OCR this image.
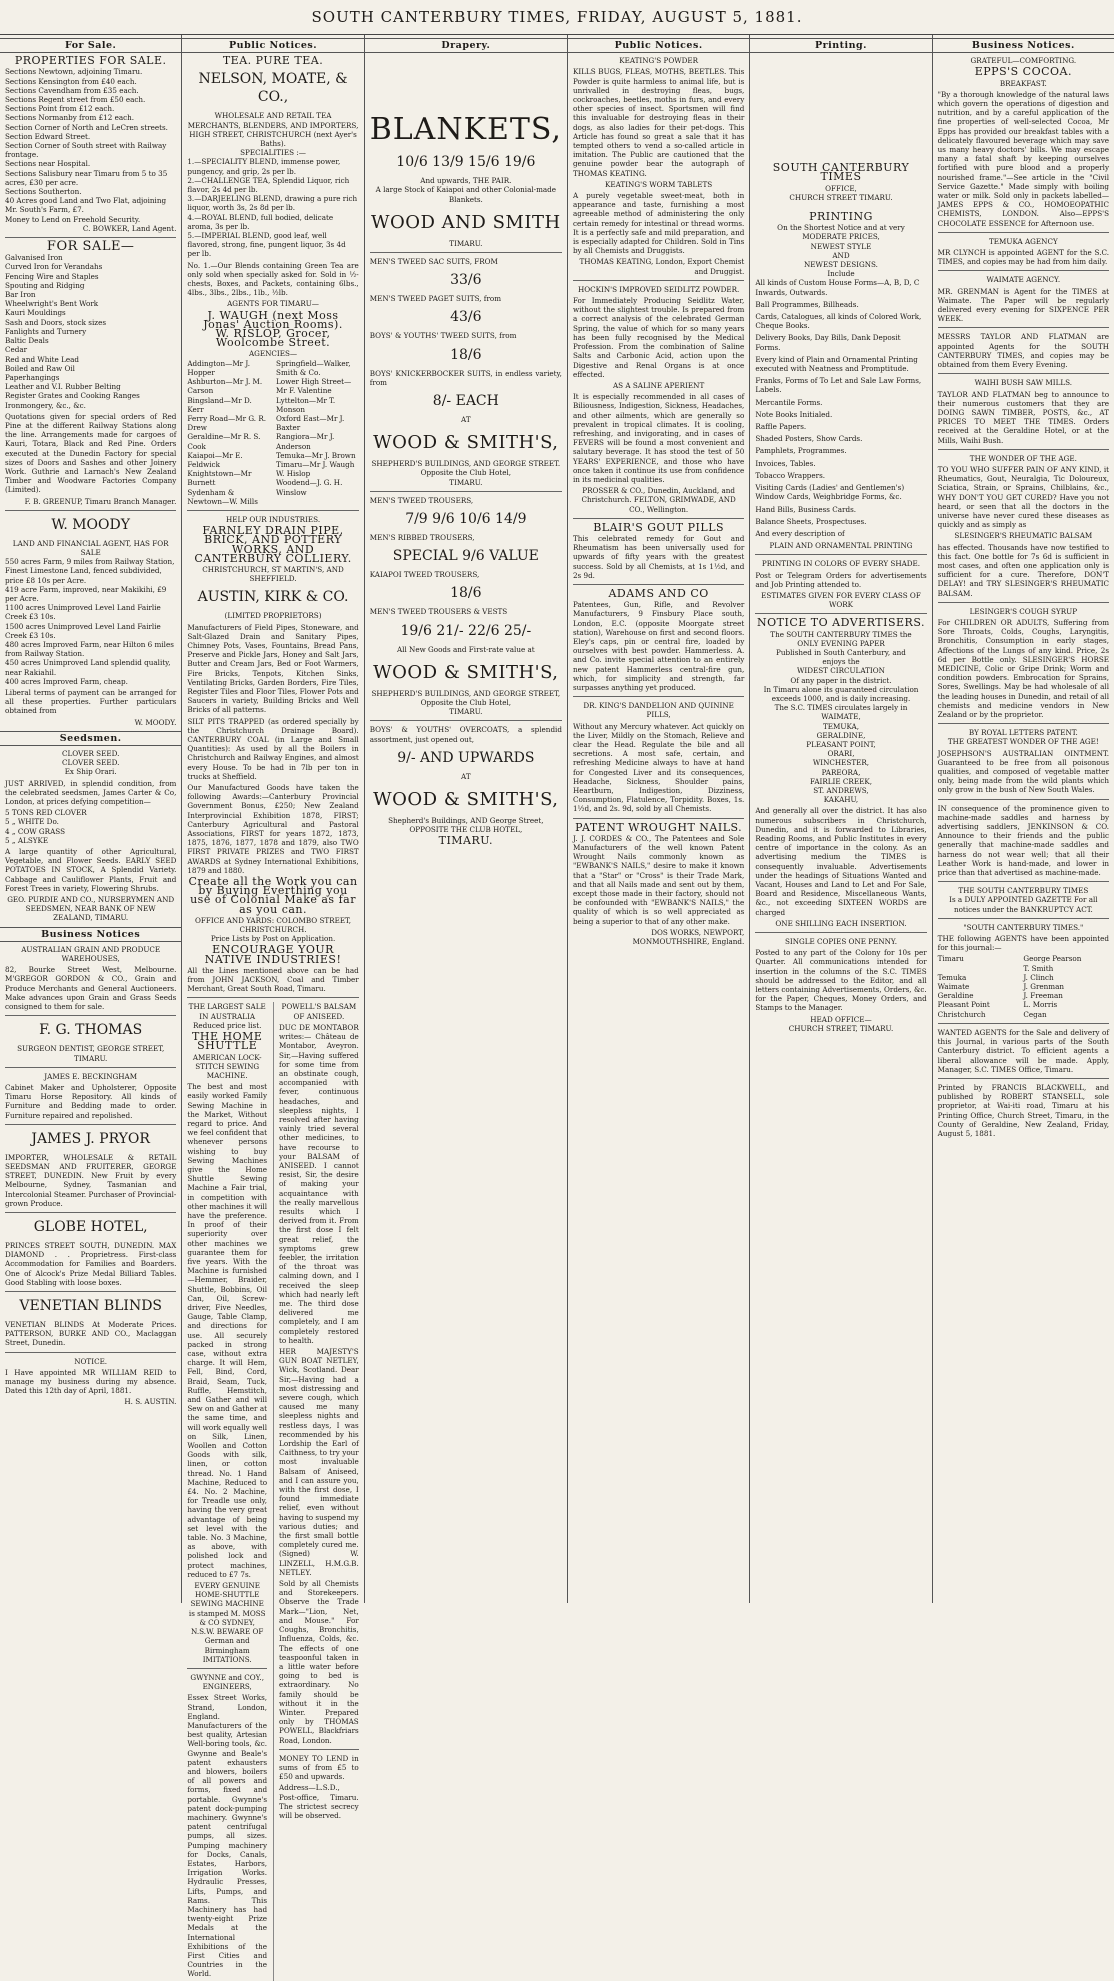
SOUTH CANTERBURY TIMES, FRIDAY, AUGUST 5, 1881.
For Sale.
PROPERTIES FOR SALE.
Sections Newtown, adjoining Timaru.
Sections Kensington from £40 each.
Sections Cavendham from £35 each.
Sections Regent street from £50 each.
Sections Point from £12 each.
Sections Normanby from £12 each.
Section Corner of North and LeCren streets.
Section Edward Street.
Section Corner of South street with Railway frontage.
Sections near Hospital.
Sections Salisbury near Timaru from 5 to 35 acres, £30 per acre.
Sections Southerton.
40 Acres good Land and Two Flat, adjoining Mr. South's Farm, £7.
Money to Lend on Freehold Security.
C. BOWKER, Land Agent.
FOR SALE—
Galvanised Iron
Curved Iron for Verandahs
Fencing Wire and Staples
Spouting and Ridging
Bar Iron
Wheelwright's Bent Work
Kauri Mouldings
Sash and Doors, stock sizes
Fanlights and Turnery
Baltic Deals
Cedar
Red and White Lead
Boiled and Raw Oil
Paperhangings
Leather and V.I. Rubber Belting
Register Grates and Cooking Ranges
Ironmongery, &c., &c.
Quotations given for special orders of Red Pine at the different Railway Stations along the line. Arrangements made for cargoes of Kauri, Totara, Black and Red Pine. Orders executed at the Dunedin Factory for special sizes of Doors and Sashes and other Joinery Work. Guthrie and Larnach's New Zealand Timber and Woodware Factories Company (Limited).
F. B. GREENUP, Timaru Branch Manager.
W. MOODY
LAND AND FINANCIAL AGENT, HAS FOR SALE
550 acres Farm, 9 miles from Railway Station, Finest Limestone Land, fenced subdivided, price £8 10s per Acre.
419 acre Farm, improved, near Makikihi, £9 per Acre.
1100 acres Unimproved Level Land Fairlie Creek £3 10s.
1500 acres Unimproved Level Land Fairlie Creek £3 10s.
480 acres Improved Farm, near Hilton 6 miles from Railway Station.
450 acres Unimproved Land splendid quality, near Rakiahil.
400 acres Improved Farm, cheap.
Liberal terms of payment can be arranged for all these properties. Further particulars obtained from
W. MOODY.
Seedsmen.
CLOVER SEED.
CLOVER SEED.
Ex Ship Orari.
JUST ARRIVED, in splendid condition, from the celebrated seedsmen, James Carter & Co, London, at prices defying competition—
5 TONS RED CLOVER
5 „ WHITE Do.
4 „ COW GRASS
5 „ ALSYKE
A large quantity of other Agricultural, Vegetable, and Flower Seeds. EARLY SEED POTATOES IN STOCK, A Splendid Variety. Cabbage and Cauliflower Plants, Fruit and Forest Trees in variety, Flowering Shrubs.
GEO. PURDIE AND CO., NURSERYMEN AND SEEDSMEN, NEAR BANK OF NEW ZEALAND, TIMARU.
Business Notices
AUSTRALIAN GRAIN AND PRODUCE WAREHOUSES,
82, Bourke Street West, Melbourne. M'GREGOR GORDON & CO., Grain and Produce Merchants and General Auctioneers. Make advances upon Grain and Grass Seeds consigned to them for sale.
F. G. THOMAS
SURGEON DENTIST, GEORGE STREET, TIMARU.
JAMES E. BECKINGHAM
Cabinet Maker and Upholsterer, Opposite Timaru Horse Repository. All kinds of Furniture and Bedding made to order. Furniture repaired and repolished.
JAMES J. PRYOR
IMPORTER, WHOLESALE & RETAIL SEEDSMAN AND FRUITERER, GEORGE STREET, DUNEDIN. New Fruit by every Melbourne, Sydney, Tasmanian and Intercolonial Steamer. Purchaser of Provincial-grown Produce.
GLOBE HOTEL,
PRINCES STREET SOUTH, DUNEDIN. MAX DIAMOND . . Proprietress. First-class Accommodation for Families and Boarders. One of Alcock's Prize Medal Billiard Tables. Good Stabling with loose boxes.
VENETIAN BLINDS
VENETIAN BLINDS At Moderate Prices. PATTERSON, BURKE AND CO., Maclaggan Street, Dunedin.
NOTICE.
I Have appointed MR WILLIAM REID to manage my business during my absence. Dated this 12th day of April, 1881.
H. S. AUSTIN.
Public Notices.
TEA. PURE TEA.
NELSON, MOATE, & CO.,
WHOLESALE AND RETAIL TEA MERCHANTS, BLENDERS, AND IMPORTERS, HIGH STREET, CHRISTCHURCH (next Ayer's Baths).
SPECIALITIES :—
1.—SPECIALITY BLEND, immense power, pungency, and grip, 2s per lb.
2.—CHALLENGE TEA, Splendid Liquor, rich flavor, 2s 4d per lb.
3.—DARJEELING BLEND, drawing a pure rich liquor, worth 3s, 2s 8d per lb.
4.—ROYAL BLEND, full bodied, delicate aroma, 3s per lb.
5.—IMPERIAL BLEND, good leaf, well flavored, strong, fine, pungent liquor, 3s 4d per lb.
No. 1.—Our Blends containing Green Tea are only sold when specially asked for. Sold in ½-chests, Boxes, and Packets, containing 6lbs., 4lbs., 3lbs., 2lbs., 1lb., ½lb.
AGENTS FOR TIMARU—
J. WAUGH (next Moss Jonas' Auction Rooms).
W. RISLOP, Grocer, Woolcombe Street.
AGENCIES—
Addington—Mr J. Hopper
Ashburton—Mr J. M. Carson
Bingsland—Mr D. Kerr
Ferry Road—Mr G. R. Drew
Geraldine—Mr R. S. Cook
Kaiapoi—Mr E. Feldwick
Knightstown—Mr Burnett
Sydenham & Newtown—W. Mills
Springfield—Walker, Smith & Co.
Lower High Street—Mr F. Valentine
Lyttelton—Mr T. Monson
Oxford East—Mr J. Baxter
Rangiora—Mr J. Anderson
Temuka—Mr J. Brown
Timaru—Mr J. Waugh
W. Hislop
Woodend—J. G. H. Winslow
HELP OUR INDUSTRIES.
FARNLEY DRAIN PIPE, BRICK, AND POTTERY WORKS, AND CANTERBURY COLLIERY.
CHRISTCHURCH, ST MARTIN'S, AND SHEFFIELD.
AUSTIN, KIRK & CO.
(LIMITED PROPRIETORS)
Manufacturers of Field Pipes, Stoneware, and Salt-Glazed Drain and Sanitary Pipes, Chimney Pots, Vases, Fountains, Bread Pans, Preserve and Pickle Jars, Honey and Salt Jars, Butter and Cream Jars, Bed or Foot Warmers, Fire Bricks, Tenpots, Kitchen Sinks, Ventilating Bricks, Garden Borders, Fire Tiles, Register Tiles and Floor Tiles, Flower Pots and Saucers in variety, Building Bricks and Well Bricks of all patterns.
SILT PITS TRAPPED (as ordered specially by the Christchurch Drainage Board). CANTERBURY COAL (in Large and Small Quantities): As used by all the Boilers in Christchurch and Railway Engines, and almost every House. To be had in 7lb per ton in trucks at Sheffield.
Our Manufactured Goods have taken the following Awards:—Canterbury Provincial Government Bonus, £250; New Zealand Interprovincial Exhibition 1878, FIRST; Canterbury Agricultural and Pastoral Associations, FIRST for years 1872, 1873, 1875, 1876, 1877, 1878 and 1879, also TWO FIRST PRIVATE PRIZES and TWO FIRST AWARDS at Sydney International Exhibitions, 1879 and 1880.
Create all the Work you can by Buying Everthing you use of Colonial Make as far as you can.
OFFICE AND YARDS: COLOMBO STREET, CHRISTCHURCH.
Price Lists by Post on Application.
ENCOURAGE YOUR NATIVE INDUSTRIES!
All the Lines mentioned above can be had from JOHN JACKSON, Coal and Timber Merchant, Great South Road, Timaru.
THE LARGEST SALE IN AUSTRALIA
Reduced price list.
THE HOME SHUTTLE
AMERICAN LOCK-STITCH SEWING MACHINE.
The best and most easily worked Family Sewing Machine in the Market, Without regard to price. And we feel confident that whenever persons wishing to buy Sewing Machines give the Home Shuttle Sewing Machine a Fair trial, in competition with other machines it will have the preference. In proof of their superiority over other machines we guarantee them for five years. With the Machine is furnished—Hemmer, Braider, Shuttle, Bobbins, Oil Can, Oil, Screw-driver, Five Needles, Gauge, Table Clamp, and directions for use. All securely packed in strong case, without extra charge. It will Hem, Fell, Bind, Cord, Braid, Seam, Tuck, Ruffle, Hemstitch, and Gather and will Sew on and Gather at the same time, and will work equally well on Silk, Linen, Woollen and Cotton Goods with silk, linen, or cotton thread. No. 1 Hand Machine, Reduced to £4. No. 2 Machine, for Treadle use only, having the very great advantage of being set level with the table. No. 3 Machine, as above, with polished lock and protect machines, reduced to £7 7s.
EVERY GENUINE HOME-SHUTTLE SEWING MACHINE is stamped M. MOSS & CO SYDNEY, N.S.W. BEWARE OF German and Birmingham IMITATIONS.
GWYNNE and COY., ENGINEERS,
Essex Street Works, Strand, London, England. Manufacturers of the best quality, Artesian Well-boring tools, &c. Gwynne and Beale's patent exhausters and blowers, boilers of all powers and forms, fixed and portable. Gwynne's patent dock-pumping machinery. Gwynne's patent centrifugal pumps, all sizes. Pumping machinery for Docks, Canals, Estates, Harbors, Irrigation Works. Hydraulic Presses, Lifts, Pumps, and Rams. This Machinery has had twenty-eight Prize Medals at the International Exhibitions of the First Cities and Countries in the World.
POWELL'S BALSAM OF ANISEED.
DUC DE MONTABOR writes:— Château de Montabor, Aveyron. Sir,—Having suffered for some time from an obstinate cough, accompanied with fever, continuous headaches, and sleepless nights, I resolved after having vainly tried several other medicines, to have recourse to your BALSAM of ANISEED. I cannot resist, Sir, the desire of making your acquaintance with the really marvellous results which I derived from it. From the first dose I felt great relief, the symptoms grew feebler, the irritation of the throat was calming down, and I received the sleep which had nearly left me. The third dose delivered me completely, and I am completely restored to health.
HER MAJESTY'S GUN BOAT NETLEY, Wick, Scotland. Dear Sir,—Having had a most distressing and severe cough, which caused me many sleepless nights and restless days, I was recommended by his Lordship the Earl of Caithness, to try your most invaluable Balsam of Aniseed, and I can assure you, with the first dose, I found immediate relief, even without having to suspend my various duties; and the first small bottle completely cured me. (Signed) W. LINZELL, H.M.G.B. NETLEY.
Sold by all Chemists and Storekeepers. Observe the Trade Mark—"Lion, Net, and Mouse." For Coughs, Bronchitis, Influenza, Colds, &c. The effects of one teaspoonful taken in a little water before going to bed is extraordinary. No family should be without it in the Winter. Prepared only by THOMAS POWELL, Blackfriars Road, London.
MONEY TO LEND in sums of from £5 to £50 and upwards.
Address—L.S.D., Post-office, Timaru. The strictest secrecy will be observed.
Drapery.
BLANKETS,
10/6 13/9 15/6 19/6
And upwards, THE PAIR.
A large Stock of Kaiapoi and other Colonial-made Blankets.
WOOD AND SMITH
TIMARU.
MEN'S TWEED SAC SUITS, FROM
33/6
MEN'S TWEED PAGET SUITS, from
43/6
BOYS' & YOUTHS' TWEED SUITS, from
18/6
BOYS' KNICKERBOCKER SUITS, in endless variety, from
8/- EACH
AT
WOOD & SMITH'S,
SHEPHERD'S BUILDINGS, AND GEORGE STREET.
Opposite the Club Hotel,
TIMARU.
MEN'S TWEED TROUSERS,
7/9 9/6 10/6 14/9
MEN'S RIBBED TROUSERS,
SPECIAL 9/6 VALUE
KAIAPOI TWEED TROUSERS,
18/6
MEN'S TWEED TROUSERS & VESTS
19/6 21/- 22/6 25/-
All New Goods and First-rate value at
WOOD & SMITH'S,
SHEPHERD'S BUILDINGS, AND GEORGE STREET,
Opposite the Club Hotel,
TIMARU.
BOYS' & YOUTHS' OVERCOATS, a splendid assortment, just opened out,
9/- AND UPWARDS
AT
WOOD & SMITH'S,
Shepherd's Buildings, AND George Street,
OPPOSITE THE CLUB HOTEL,
TIMARU.
Public Notices.
KEATING'S POWDER
KILLS BUGS, FLEAS, MOTHS, BEETLES. This Powder is quite harmless to animal life, but is unrivalled in destroying fleas, bugs, cockroaches, beetles, moths in furs, and every other species of insect. Sportsmen will find this invaluable for destroying fleas in their dogs, as also ladies for their pet-dogs. This Article has found so great a sale that it has tempted others to vend a so-called article in imitation. The Public are cautioned that the genuine powder bear the autograph of THOMAS KEATING.
KEATING'S WORM TABLETS
A purely vegetable sweet-meat, both in appearance and taste, furnishing a most agreeable method of administering the only certain remedy for intestinal or thread worms. It is a perfectly safe and mild preparation, and is especially adapted for Children. Sold in Tins by all Chemists and Druggists.
THOMAS KEATING, London, Export Chemist and Druggist.
HOCKIN'S IMPROVED SEIDLITZ POWDER.
For Immediately Producing Seidlitz Water, without the slightest trouble. Is prepared from a correct analysis of the celebrated German Spring, the value of which for so many years has been fully recognised by the Medical Profession. From the combination of Saline Salts and Carbonic Acid, action upon the Digestive and Renal Organs is at once effected.
AS A SALINE APERIENT
It is especially recommended in all cases of Biliousness, Indigestion, Sickness, Headaches, and other ailments, which are generally so prevalent in tropical climates. It is cooling, refreshing, and invigorating, and in cases of FEVERS will be found a most convenient and salutary beverage. It has stood the test of 50 YEARS' EXPERIENCE, and those who have once taken it continue its use from confidence in its medicinal qualities.
PROSSER & CO., Dunedin, Auckland, and Christchurch. FELTON, GRIMWADE, AND CO., Wellington.
BLAIR'S GOUT PILLS
This celebrated remedy for Gout and Rheumatism has been universally used for upwards of fifty years with the greatest success. Sold by all Chemists, at 1s 1½d, and 2s 9d.
ADAMS AND CO
Patentees, Gun, Rifle, and Revolver Manufacturers, 9 Finsbury Place south, London, E.C. (opposite Moorgate street station), Warehouse on first and second floors. Eley's caps, pin or central fire, loaded by ourselves with best powder. Hammerless. A. and Co. invite special attention to an entirely new patent Hammerless central-fire gun, which, for simplicity and strength, far surpasses anything yet produced.
DR. KING'S DANDELION AND QUININE PILLS,
Without any Mercury whatever. Act quickly on the Liver, Mildly on the Stomach, Relieve and clear the Head. Regulate the bile and all secretions. A most safe, certain, and refreshing Medicine always to have at hand for Congested Liver and its consequences, Headache, Sickness, Shoulder pains, Heartburn, Indigestion, Dizziness, Consumption, Flatulence, Torpidity. Boxes, 1s. 1½d, and 2s. 9d, sold by all Chemists.
PATENT WROUGHT NAILS.
J. J. CORDES & CO., The Patentees and Sole Manufacturers of the well known Patent Wrought Nails commonly known as "EWBANK'S NAILS," desire to make it known that a "Star" or "Cross" is their Trade Mark, and that all Nails made and sent out by them, except those made in their factory, should not be confounded with "EWBANK'S NAILS," the quality of which is so well appreciated as being a superior to that of any other make.
DOS WORKS, NEWPORT, MONMOUTHSHIRE, England.
Printing.
SOUTH CANTERBURY TIMES
OFFICE,
CHURCH STREET TIMARU.
PRINTING
On the Shortest Notice and at very
MODERATE PRICES,
NEWEST STYLE
AND
NEWEST DESIGNS.
Include
All kinds of Custom House Forms—A, B, D, C Inwards, Outwards.
Ball Programmes, Billheads.
Cards, Catalogues, all kinds of Colored Work, Cheque Books.
Delivery Books, Day Bills, Dank Deposit Forms.
Every kind of Plain and Ornamental Printing executed with Neatness and Promptitude.
Franks, Forms of To Let and Sale Law Forms, Labels.
Mercantile Forms.
Note Books Initialed.
Raffle Papers.
Shaded Posters, Show Cards.
Pamphlets, Programmes.
Invoices, Tables.
Tobacco Wrappers.
Visiting Cards (Ladies' and Gentlemen's) Window Cards, Weighbridge Forms, &c.
Hand Bills, Business Cards.
Balance Sheets, Prospectuses.
And every description of
PLAIN AND ORNAMENTAL PRINTING
PRINTING IN COLORS OF EVERY SHADE.
Post or Telegram Orders for advertisements and Job Printing attended to.
ESTIMATES GIVEN FOR EVERY CLASS OF WORK
NOTICE TO ADVERTISERS.
The SOUTH CANTERBURY TIMES the
ONLY EVENING PAPER
Published in South Canterbury, and
enjoys the
WIDEST CIRCULATION
Of any paper in the district.
In Timaru alone its guaranteed circulation exceeds 1000, and is daily increasing.
The S.C. TIMES circulates largely in
WAIMATE,
TEMUKA,
GERALDINE,
PLEASANT POINT,
ORARI,
WINCHESTER,
PAREORA,
FAIRLIE CREEK,
ST. ANDREWS,
KAKAHU,
And generally all over the district. It has also numerous subscribers in Christchurch, Dunedin, and it is forwarded to Libraries, Reading Rooms, and Public Institutes in every centre of importance in the colony. As an advertising medium the TIMES is consequently invaluable. Advertisements under the headings of Situations Wanted and Vacant, Houses and Land to Let and For Sale, Board and Residence, Miscellaneous Wants, &c., not exceeding SIXTEEN WORDS are charged
ONE SHILLING EACH INSERTION.
SINGLE COPIES ONE PENNY.
Posted to any part of the Colony for 10s per Quarter. All communications intended for insertion in the columns of the S.C. TIMES should be addressed to the Editor, and all letters containing Advertisements, Orders, &c. for the Paper, Cheques, Money Orders, and Stamps to the Manager.
HEAD OFFICE—
CHURCH STREET, TIMARU.
Business Notices.
GRATEFUL—COMFORTING.
EPPS'S COCOA.
BREAKFAST.
"By a thorough knowledge of the natural laws which govern the operations of digestion and nutrition, and by a careful application of the fine properties of well-selected Cocoa, Mr Epps has provided our breakfast tables with a delicately flavoured beverage which may save us many heavy doctors' bills. We may escape many a fatal shaft by keeping ourselves fortified with pure blood and a properly nourished frame."—See article in the "Civil Service Gazette." Made simply with boiling water or milk. Sold only in packets labelled— JAMES EPPS & CO., HOMOEOPATHIC CHEMISTS, LONDON. Also—EPPS'S CHOCOLATE ESSENCE for Afternoon use.
TEMUKA AGENCY
MR CLYNCH is appointed AGENT for the S.C. TIMES, and copies may be had from him daily.
WAIMATE AGENCY.
MR. GRENMAN is Agent for the TIMES at Waimate. The Paper will be regularly delivered every evening for SIXPENCE PER WEEK.
MESSRS TAYLOR AND FLATMAN are appointed Agents for the SOUTH CANTERBURY TIMES, and copies may be obtained from them Every Evening.
WAIHI BUSH SAW MILLS.
TAYLOR AND FLATMAN beg to announce to their numerous customers that they are DOING SAWN TIMBER, POSTS, &c., AT PRICES TO MEET THE TIMES. Orders received at the Geraldine Hotel, or at the Mills, Waihi Bush.
THE WONDER OF THE AGE.
TO YOU WHO SUFFER PAIN OF ANY KIND, it Rheumatics, Gout, Neuralgia, Tic Doloureux, Sciatica, Strain, or Sprains, Chilblains, &c., WHY DON'T YOU GET CURED? Have you not heard, or seen that all the doctors in the universe have never cured these diseases as quickly and as simply as
SLESINGER'S RHEUMATIC BALSAM
has effected. Thousands have now testified to this fact. One bottle for 7s 6d is sufficient in most cases, and often one application only is sufficient for a cure. Therefore, DON'T DELAY! and TRY SLESINGER'S RHEUMATIC BALSAM.
LESINGER'S COUGH SYRUP
For CHILDREN OR ADULTS, Suffering from Sore Throats, Colds, Coughs, Laryngitis, Bronchitis, Consumption in early stages, Affections of the Lungs of any kind. Price, 2s 6d per Bottle only. SLESINGER'S HORSE MEDICINE, Colic or Gripe Drink; Worm and condition powders. Embrocation for Sprains, Sores, Swellings. May be had wholesale of all the leading houses in Dunedin, and retail of all chemists and medicine vendors in New Zealand or by the proprietor.
BY ROYAL LETTERS PATENT.
THE GREATEST WONDER OF THE AGE!
JOSEPHSON'S AUSTRALIAN OINTMENT. Guaranteed to be free from all poisonous qualities, and composed of vegetable matter only, being made from the wild plants which only grow in the bush of New South Wales.
IN consequence of the prominence given to machine-made saddles and harness by advertising saddlers, JENKINSON & CO. Announce to their friends and the public generally that machine-made saddles and harness do not wear well; that all their Leather Work is hand-made, and lower in price than that advertised as machine-made.
THE SOUTH CANTERBURY TIMES
Is a DULY APPOINTED GAZETTE For all notices under the BANKRUPTCY ACT.
"SOUTH CANTERBURY TIMES."
THE following AGENTS have been appointed for this journal:—
Timaru	George Pearson
T. Smith
Temuka	J. Clinch
Waimate	J. Grenman
Geraldine	J. Freeman
Pleasant Point	L. Morris
Christchurch	Cegan
WANTED AGENTS for the Sale and delivery of this Journal, in various parts of the South Canterbury district. To efficient agents a liberal allowance will be made. Apply, Manager, S.C. TIMES Office, Timaru.
Printed by FRANCIS BLACKWELL, and published by ROBERT STANSELL, sole proprietor, at Wai-iti road, Timaru at his Printing Office, Church Street, Timaru, in the County of Geraldine, New Zealand, Friday, August 5, 1881.
